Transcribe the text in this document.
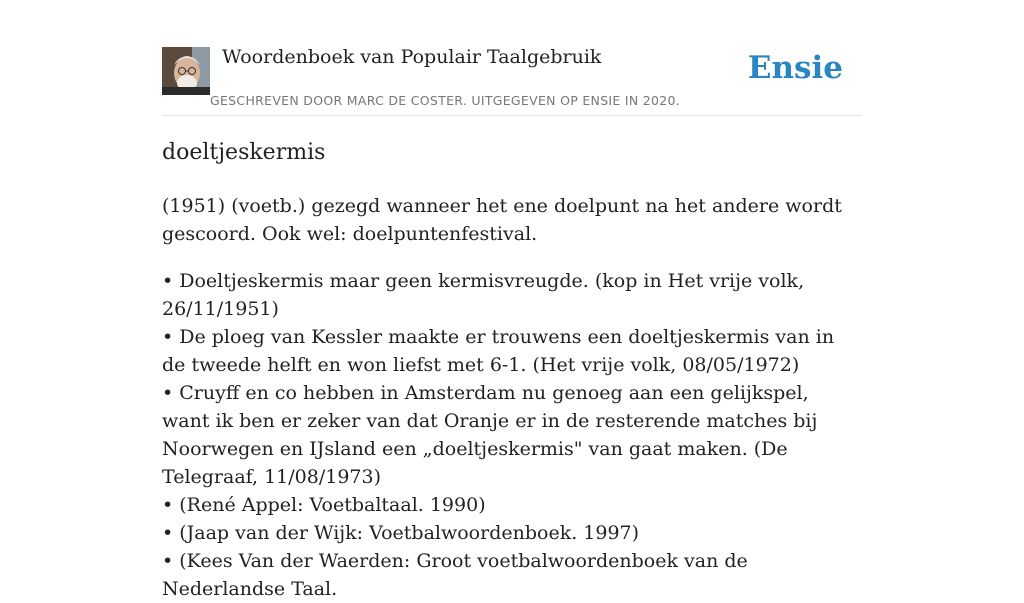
Woordenboek van Populair Taalgebruik
GESCHREVEN DOOR MARC DE COSTER. UITGEGEVEN OP ENSIE IN 2020.
Ensie
doeltjeskermis

(1951) (voetb.) gezegd wanneer het ene doelpunt na het andere wordt gescoord. Ook wel: doelpuntenfestival.

• Doeltjeskermis maar geen kermisvreugde. (kop in Het vrije volk, 26/11/1951)
• De ploeg van Kessler maakte er trouwens een doeltjeskermis van in de tweede helft en won liefst met 6-1. (Het vrije volk, 08/05/1972)
• Cruyff en co hebben in Amsterdam nu genoeg aan een gelijkspel, want ik ben er zeker van dat Oranje er in de resterende matches bij Noorwegen en IJsland een „doeltjeskermis" van gaat maken. (De Telegraaf, 11/08/1973)
• (René Appel: Voetbaltaal. 1990)
• (Jaap van der Wijk: Voetbalwoordenboek. 1997)
• (Kees Van der Waerden: Groot voetbalwoordenboek van de Nederlandse Taal.
